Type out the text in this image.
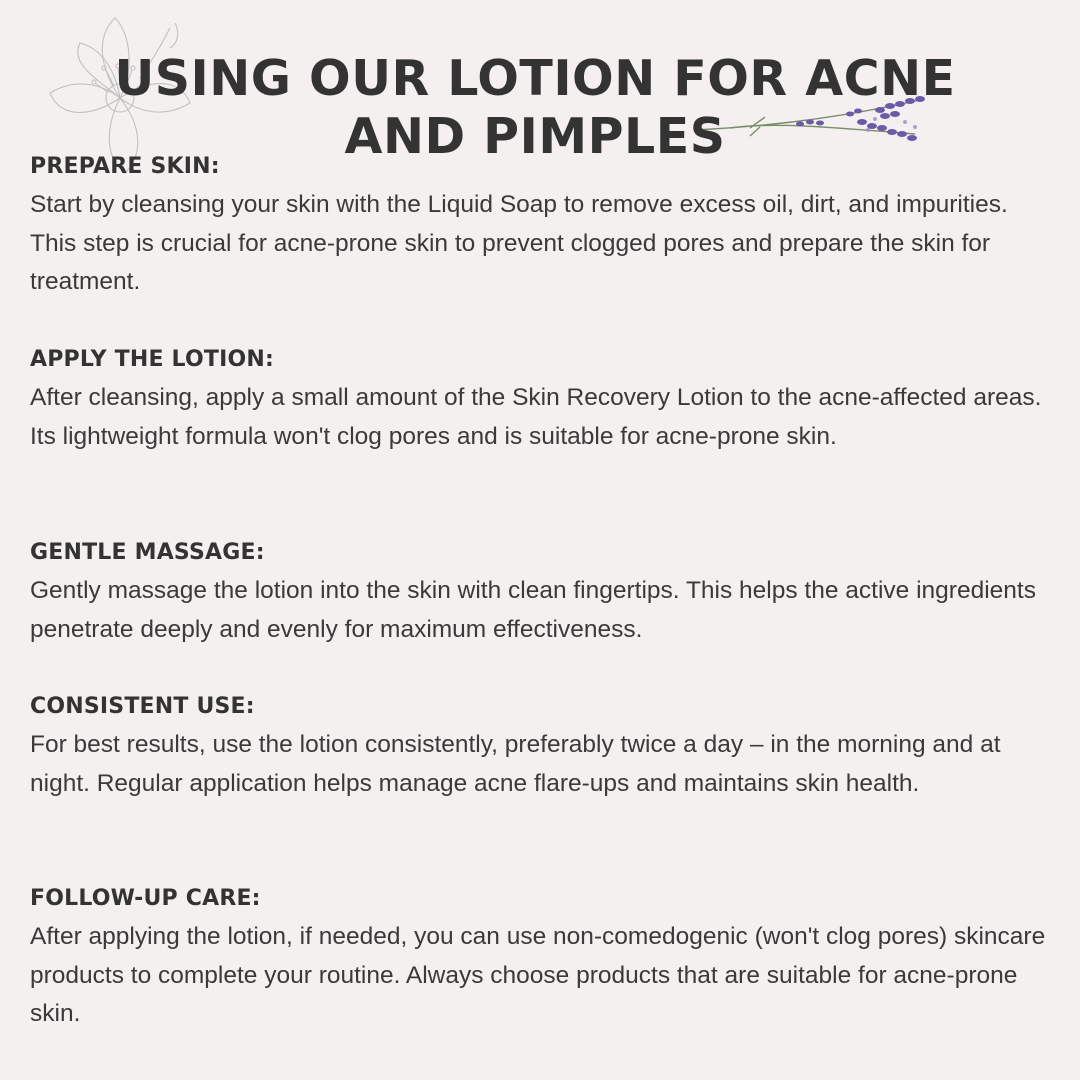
USING OUR LOTION FOR ACNE
AND PIMPLES

PREPARE SKIN:

Start by cleansing your skin with the Liquid Soap to remove excess oil, dirt, and impurities. This step is crucial for acne-prone skin to prevent clogged pores and prepare the skin for treatment.

APPLY THE LOTION:

After cleansing, apply a small amount of the Skin Recovery Lotion to the acne-affected areas. Its lightweight formula won't clog pores and is suitable for acne-prone skin.

GENTLE MASSAGE:

Gently massage the lotion into the skin with clean fingertips. This helps the active ingredients penetrate deeply and evenly for maximum effectiveness.

CONSISTENT USE:

For best results, use the lotion consistently, preferably twice a day – in the morning and at night. Regular application helps manage acne flare-ups and maintains skin health.

FOLLOW-UP CARE:

After applying the lotion, if needed, you can use non-comedogenic (won't clog pores) skincare products to complete your routine. Always choose products that are suitable for acne-prone skin.
